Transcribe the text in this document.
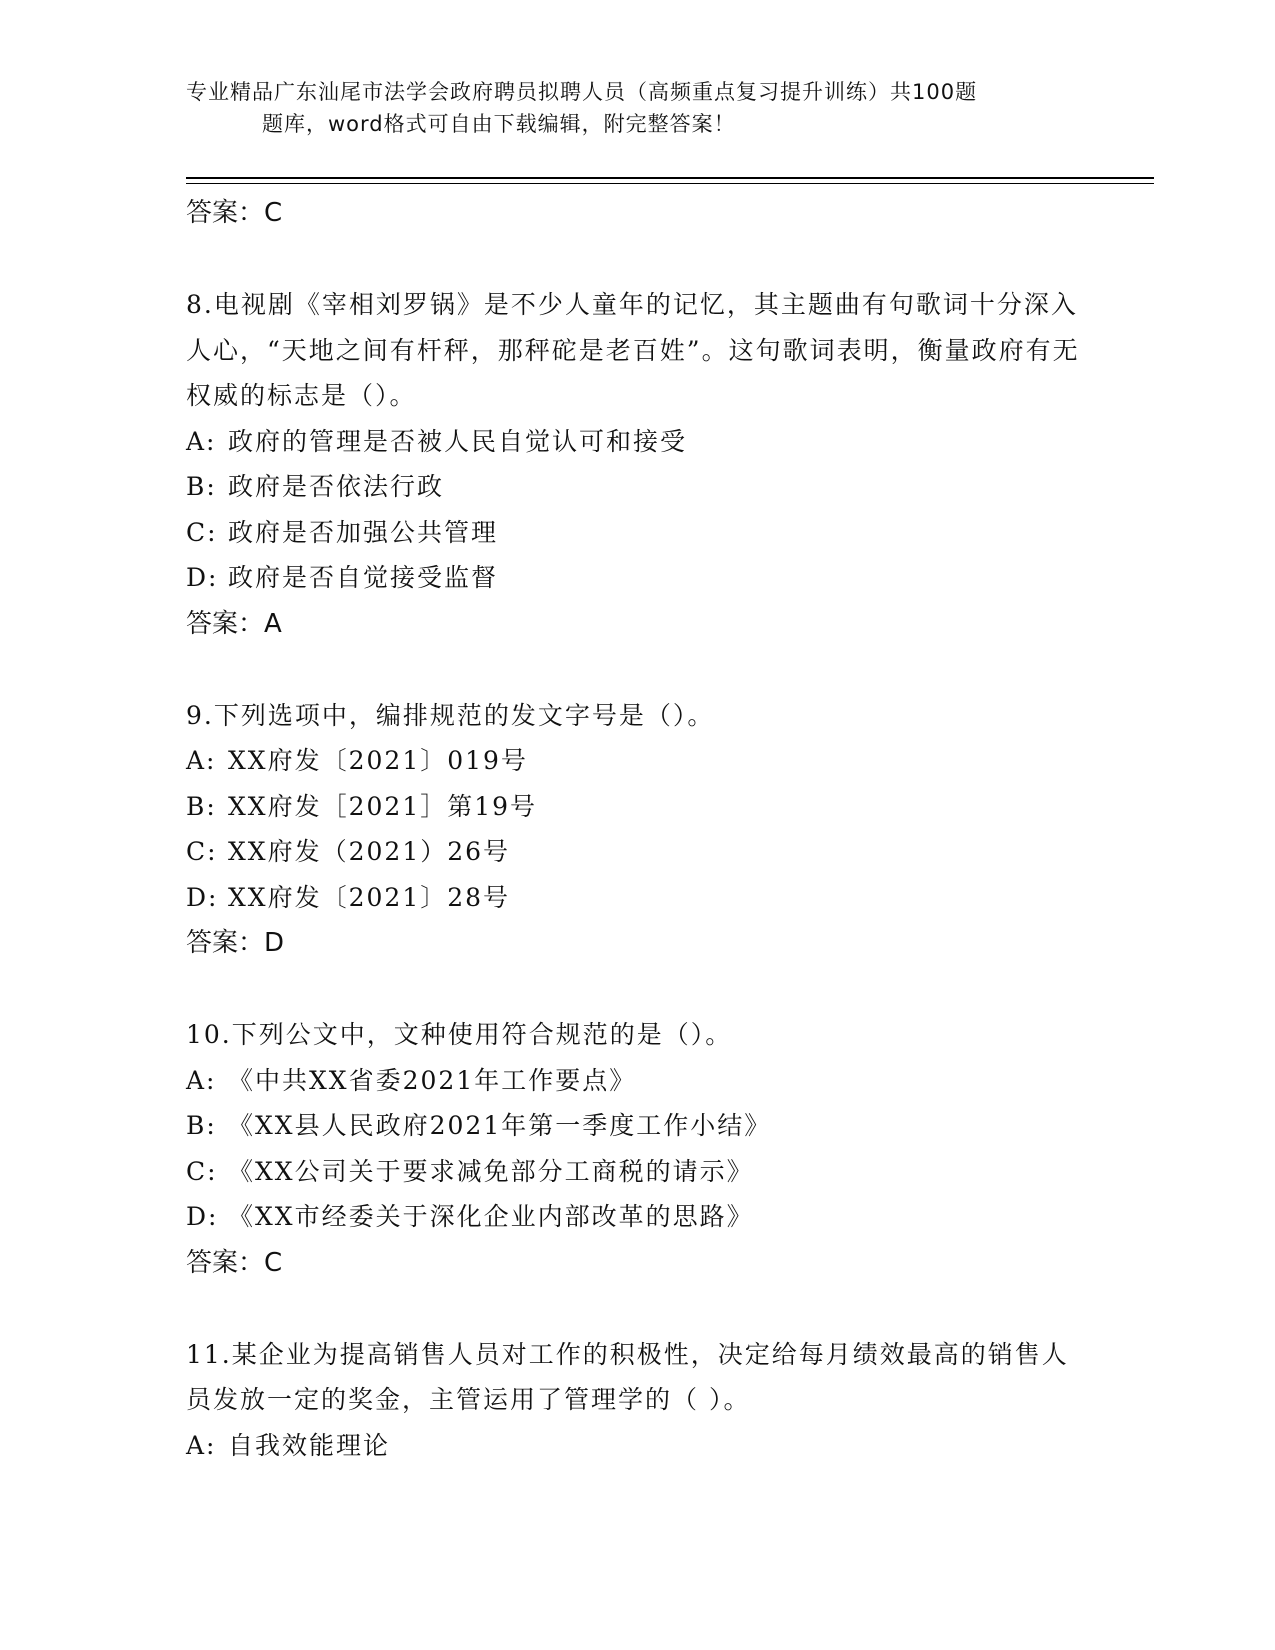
专业精品广东汕尾市法学会政府聘员拟聘人员（高频重点复习提升训练）共100题
题库，word格式可自由下载编辑，附完整答案！

答案：C

8.电视剧《宰相刘罗锅》是不少人童年的记忆，其主题曲有句歌词十分深入人心，“天地之间有杆秤，那秤砣是老百姓”。这句歌词表明，衡量政府有无权威的标志是（）。

A: 政府的管理是否被人民自觉认可和接受

B: 政府是否依法行政

C: 政府是否加强公共管理

D: 政府是否自觉接受监督

答案：A

9.下列选项中，编排规范的发文字号是（）。

A: XX府发〔2021〕019号

B: XX府发［2021］第19号

C: XX府发（2021）26号

D: XX府发〔2021〕28号

答案：D

10.下列公文中，文种使用符合规范的是（）。

A: 《中共XX省委2021年工作要点》

B: 《XX县人民政府2021年第一季度工作小结》

C: 《XX公司关于要求减免部分工商税的请示》

D: 《XX市经委关于深化企业内部改革的思路》

答案：C

11.某企业为提高销售人员对工作的积极性，决定给每月绩效最高的销售人员发放一定的奖金，主管运用了管理学的（ ）。

A: 自我效能理论
